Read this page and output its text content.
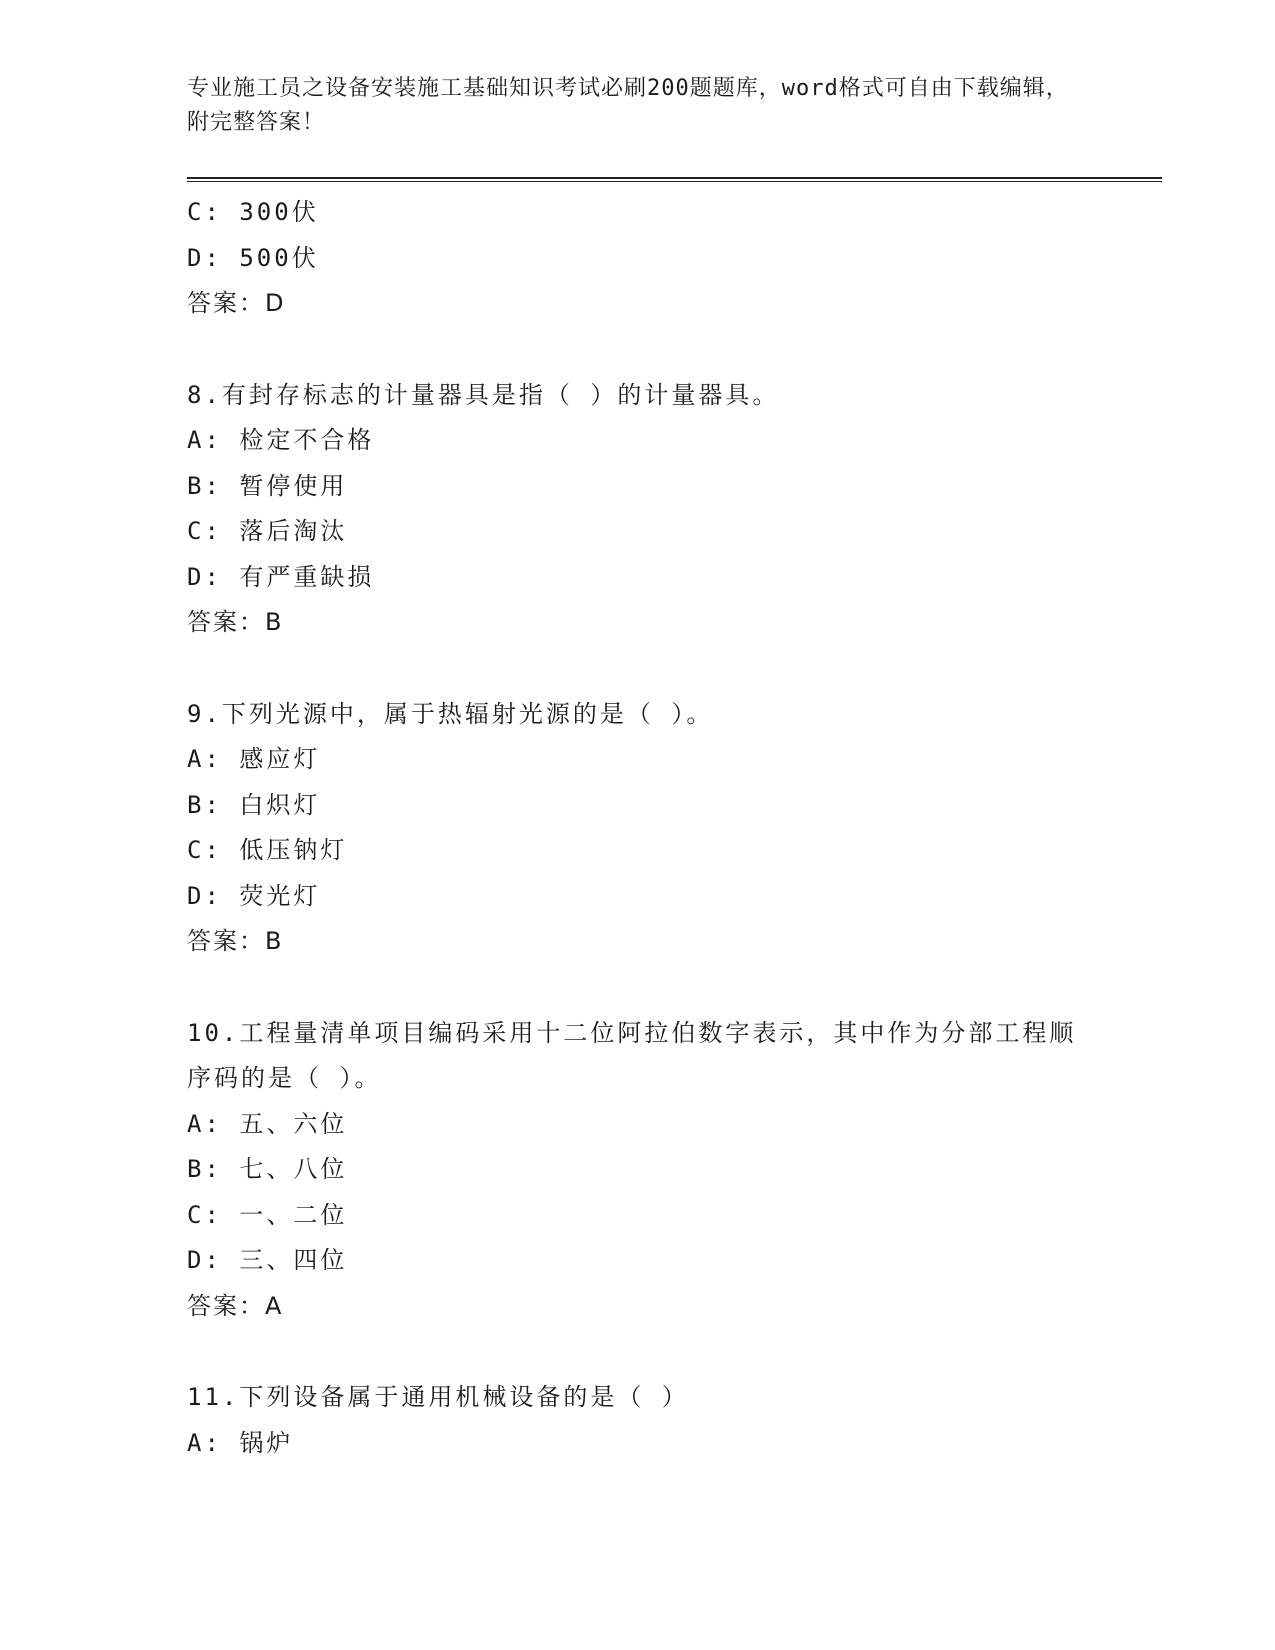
专业施工员之设备安装施工基础知识考试必刷200题题库，word格式可自由下载编辑，附完整答案！

C: 300伏
D: 500伏
答案：D
8.有封存标志的计量器具是指（ ）的计量器具。
A: 检定不合格
B: 暂停使用
C: 落后淘汰
D: 有严重缺损
答案：B
9.下列光源中，属于热辐射光源的是（ ）。
A: 感应灯
B: 白炽灯
C: 低压钠灯
D: 荧光灯
答案：B
10.工程量清单项目编码采用十二位阿拉伯数字表示，其中作为分部工程顺序码的是（ ）。
A: 五、六位
B: 七、八位
C: 一、二位
D: 三、四位
答案：A
11.下列设备属于通用机械设备的是（ ）
A: 锅炉
